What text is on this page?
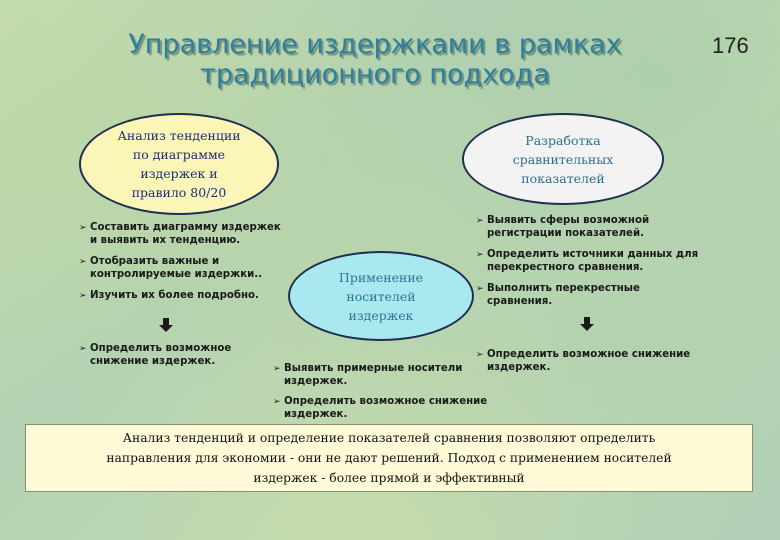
Управление издержками в рамках
традиционного подхода
176
Анализ тенденции
по диаграмме
издержек и
правило 80/20
Разработка
сравнительных
показателей
Применение
носителей
издержек
➢ Составить диаграмму издержек
и выявить их тенденцию.
➢ Отобразить важные и
контролируемые издержки..
➢ Изучить их более подробно.
➢ Определить возможное
снижение издержек.
➢ Выявить сферы возможной
регистрации показателей.
➢ Определить источники данных для
перекрестного сравнения.
➢ Выполнить перекрестные
сравнения.
➢ Определить возможное снижение
издержек.
➢ Выявить примерные носители
издержек.
➢ Определить возможное снижение
издержек.
Анализ тенденций и определение показателей сравнения позволяют определить
направления для экономии - они не дают решений. Подход с применением носителей
издержек - более прямой и эффективный
